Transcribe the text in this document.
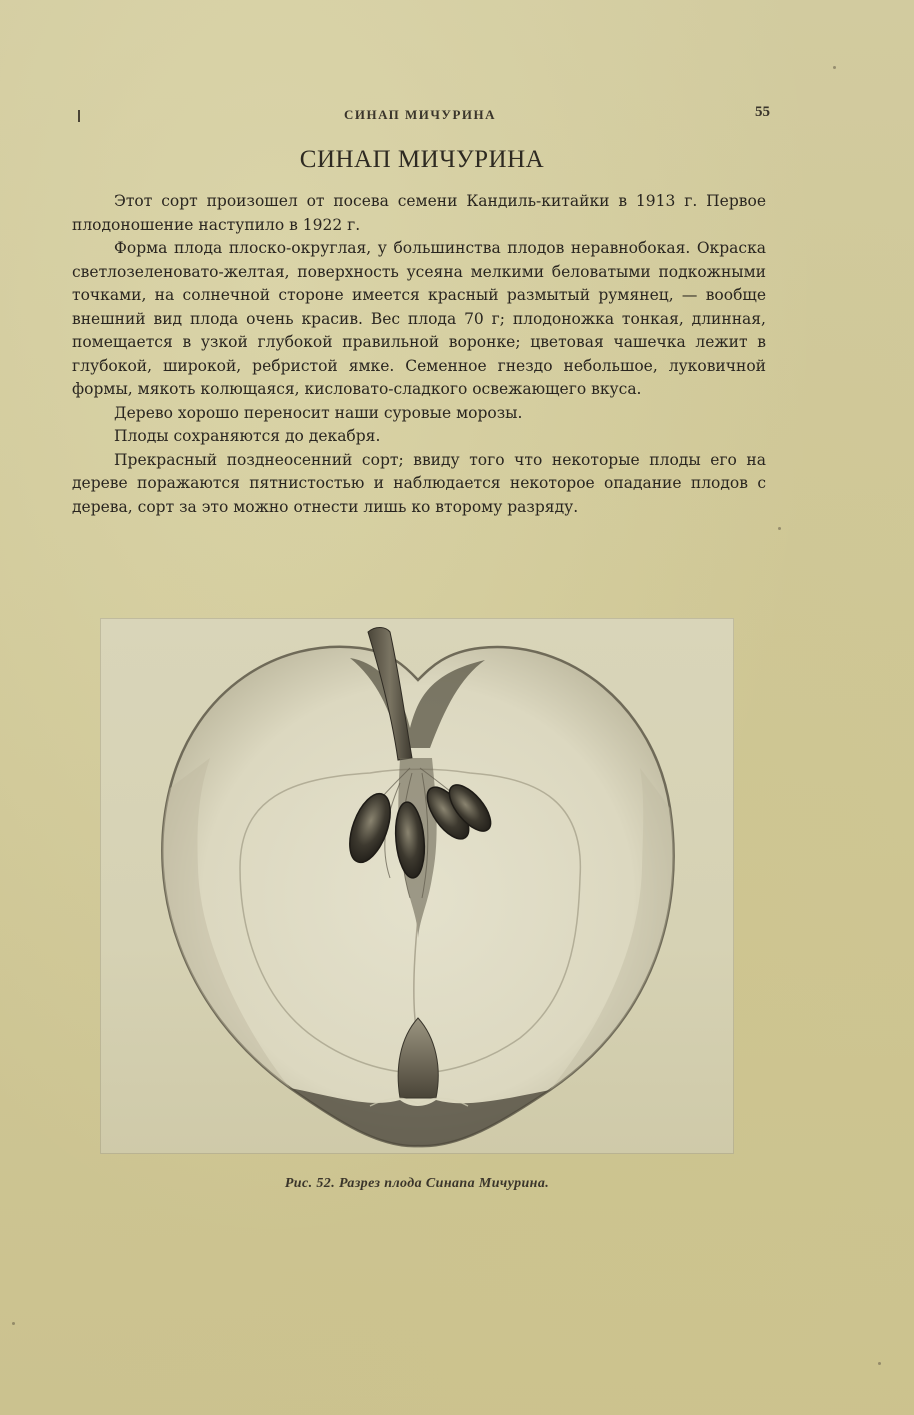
СИНАП МИЧУРИНА	55
СИНАП МИЧУРИНА

Этот сорт произошел от посева семени Кандиль-китайки в 1913 г. Первое плодоношение наступило в 1922 г.

Форма плода плоско-округлая, у большинства плодов неравнобокая. Окраска светлозеленовато-желтая, поверхность усеяна мелкими беловатыми подкожными точками, на солнечной стороне имеется красный размытый румянец, — вообще внешний вид плода очень красив. Вес плода 70 г; плодоножка тонкая, длинная, помещается в узкой глубокой правильной воронке; цветовая чашечка лежит в глубокой, широкой, ребристой ямке. Семенное гнездо небольшое, луковичной формы, мякоть колющаяся, кисловато-сладкого освежающего вкуса.

Дерево хорошо переносит наши суровые морозы.

Плоды сохраняются до декабря.

Прекрасный позднеосенний сорт; ввиду того что некоторые плоды его на дереве поражаются пятнистостью и наблюдается некоторое опадание плодов с дерева, сорт за это можно отнести лишь ко второму разряду.

Рис. 52. Разрез плода Синапа Мичурина.
